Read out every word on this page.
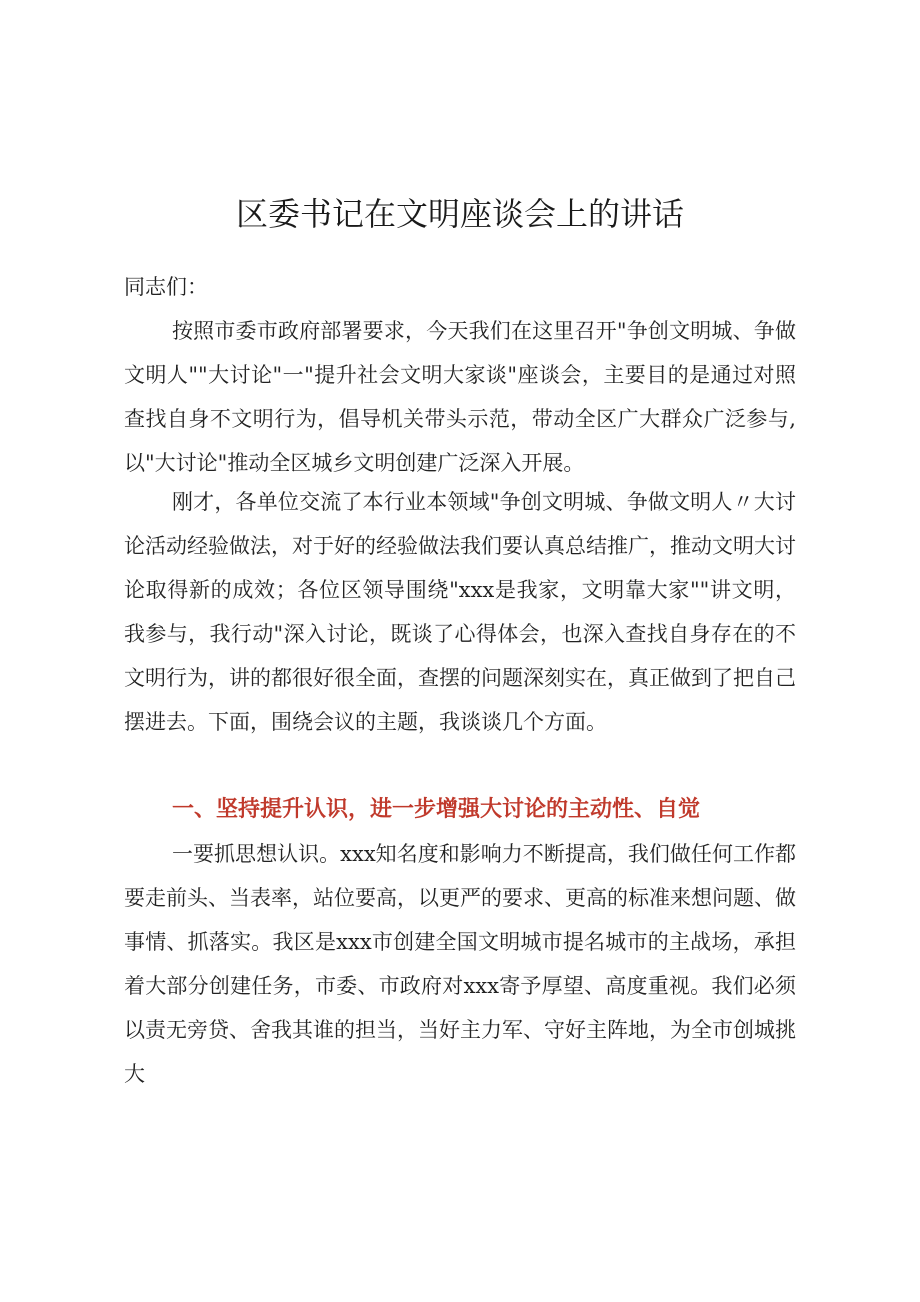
区委书记在文明座谈会上的讲话

同志们：

按照市委市政府部署要求，今天我们在这里召开"争创文明城、争做文明人""大讨论"一"提升社会文明大家谈"座谈会，主要目的是通过对照查找自身不文明行为，倡导机关带头示范，带动全区广大群众广泛参与,以"大讨论"推动全区城乡文明创建广泛深入开展。

刚才，各单位交流了本行业本领域"争创文明城、争做文明人〃大讨论活动经验做法，对于好的经验做法我们要认真总结推广，推动文明大讨论取得新的成效；各位区领导围绕"xxx是我家，文明靠大家""讲文明，我参与，我行动"深入讨论，既谈了心得体会，也深入查找自身存在的不文明行为，讲的都很好很全面，查摆的问题深刻实在，真正做到了把自己摆进去。下面，围绕会议的主题，我谈谈几个方面。

一、坚持提升认识，进一步增强大讨论的主动性、自觉

一要抓思想认识。xxx知名度和影响力不断提高，我们做任何工作都要走前头、当表率，站位要高，以更严的要求、更高的标准来想问题、做事情、抓落实。我区是xxx市创建全国文明城市提名城市的主战场，承担着大部分创建任务，市委、市政府对xxx寄予厚望、高度重视。我们必须以责无旁贷、舍我其谁的担当，当好主力军、守好主阵地，为全市创城挑大
